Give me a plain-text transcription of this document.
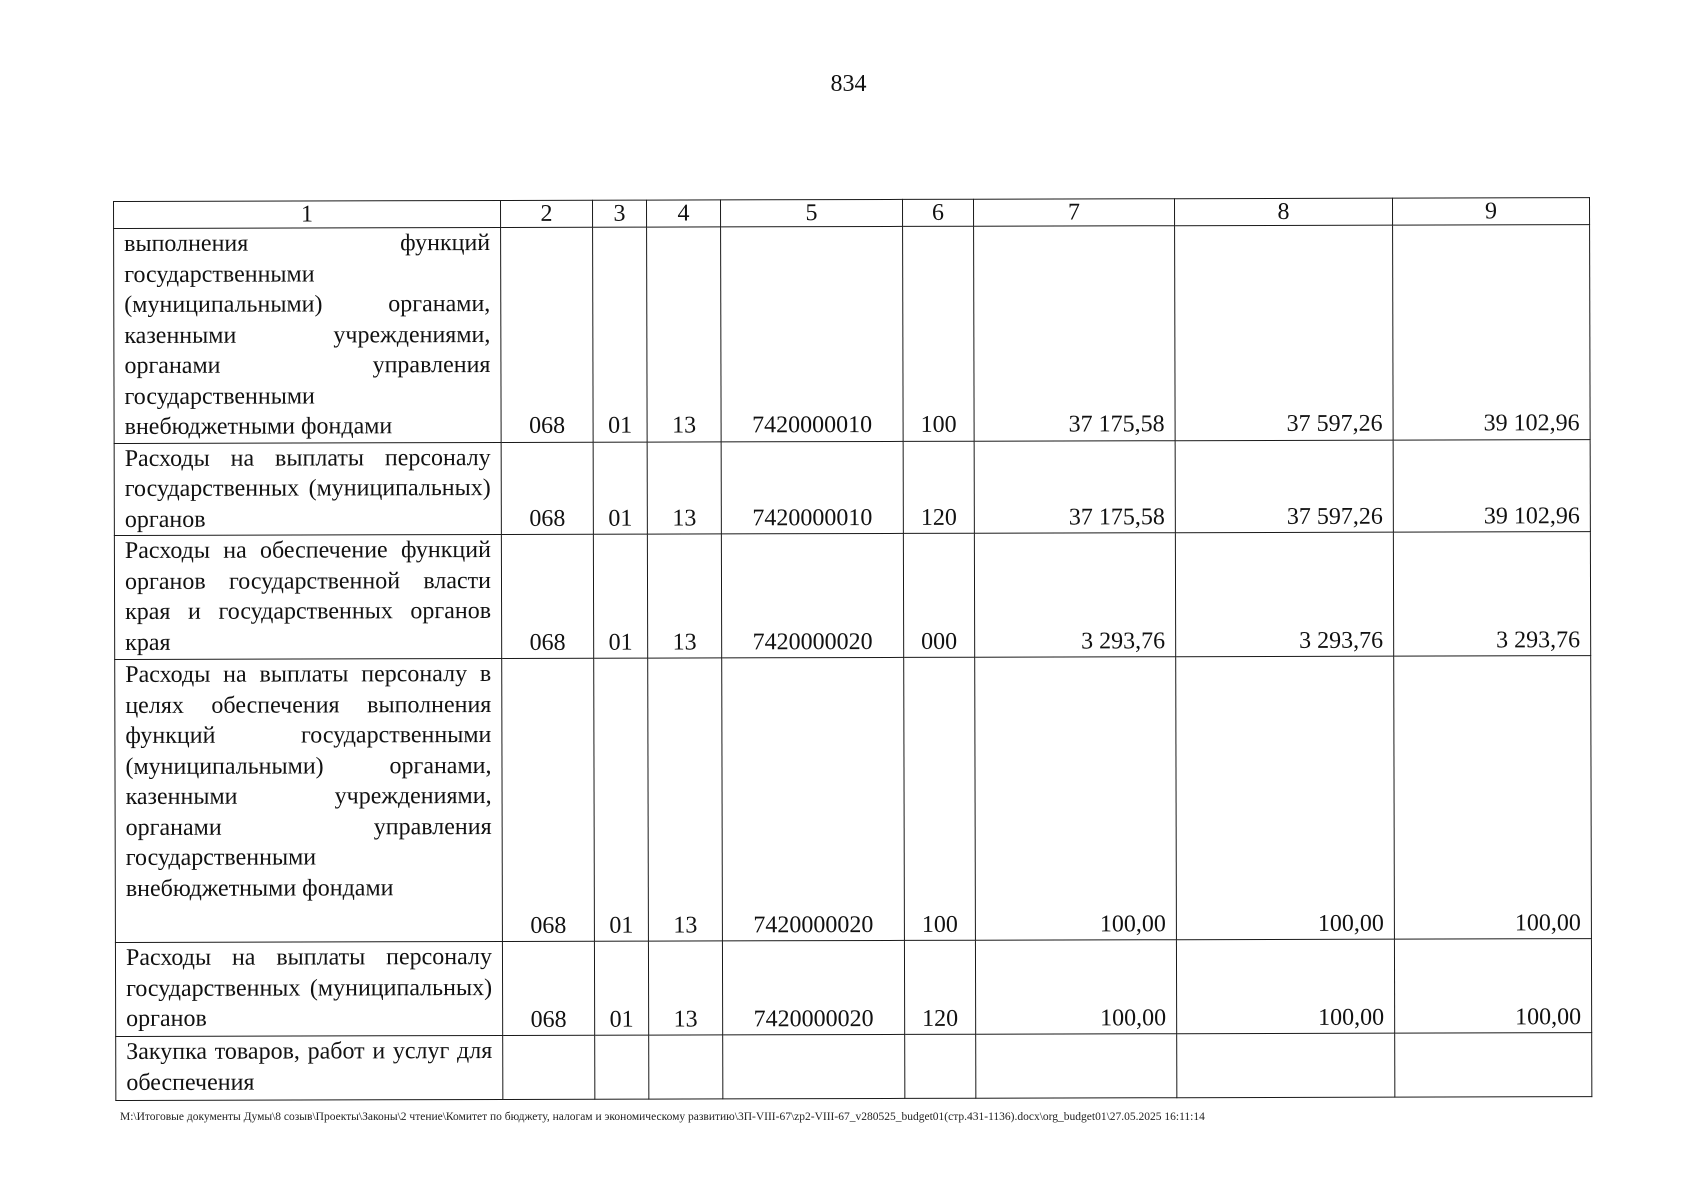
834
1	2	3	4	5	6	7	8	9
выполнения функций государственными (муниципальными) органами, казенными учреждениями, органами управления государственными внебюджетными фондами	068	01	13	7420000010	100	37 175,58	37 597,26	39 102,96
Расходы на выплаты персоналу государственных (муниципальных) органов	068	01	13	7420000010	120	37 175,58	37 597,26	39 102,96
Расходы на обеспечение функций органов государственной власти края и государственных органов края	068	01	13	7420000020	000	3 293,76	3 293,76	3 293,76
Расходы на выплаты персоналу в целях обеспечения выполнения функций государственными (муниципальными) органами, казенными учреждениями, органами управления государственными внебюджетными фондами	068	01	13	7420000020	100	100,00	100,00	100,00
Расходы на выплаты персоналу государственных (муниципальных) органов	068	01	13	7420000020	120	100,00	100,00	100,00
Закупка товаров, работ и услуг для обеспечения								
M:\Итоговые документы Думы\8 созыв\Проекты\Законы\2 чтение\Комитет по бюджету, налогам и экономическому развитию\3П-VIII-67\zp2-VIII-67_v280525_budget01(стр.431-1136).docx\org_budget01\27.05.2025 16:11:14
